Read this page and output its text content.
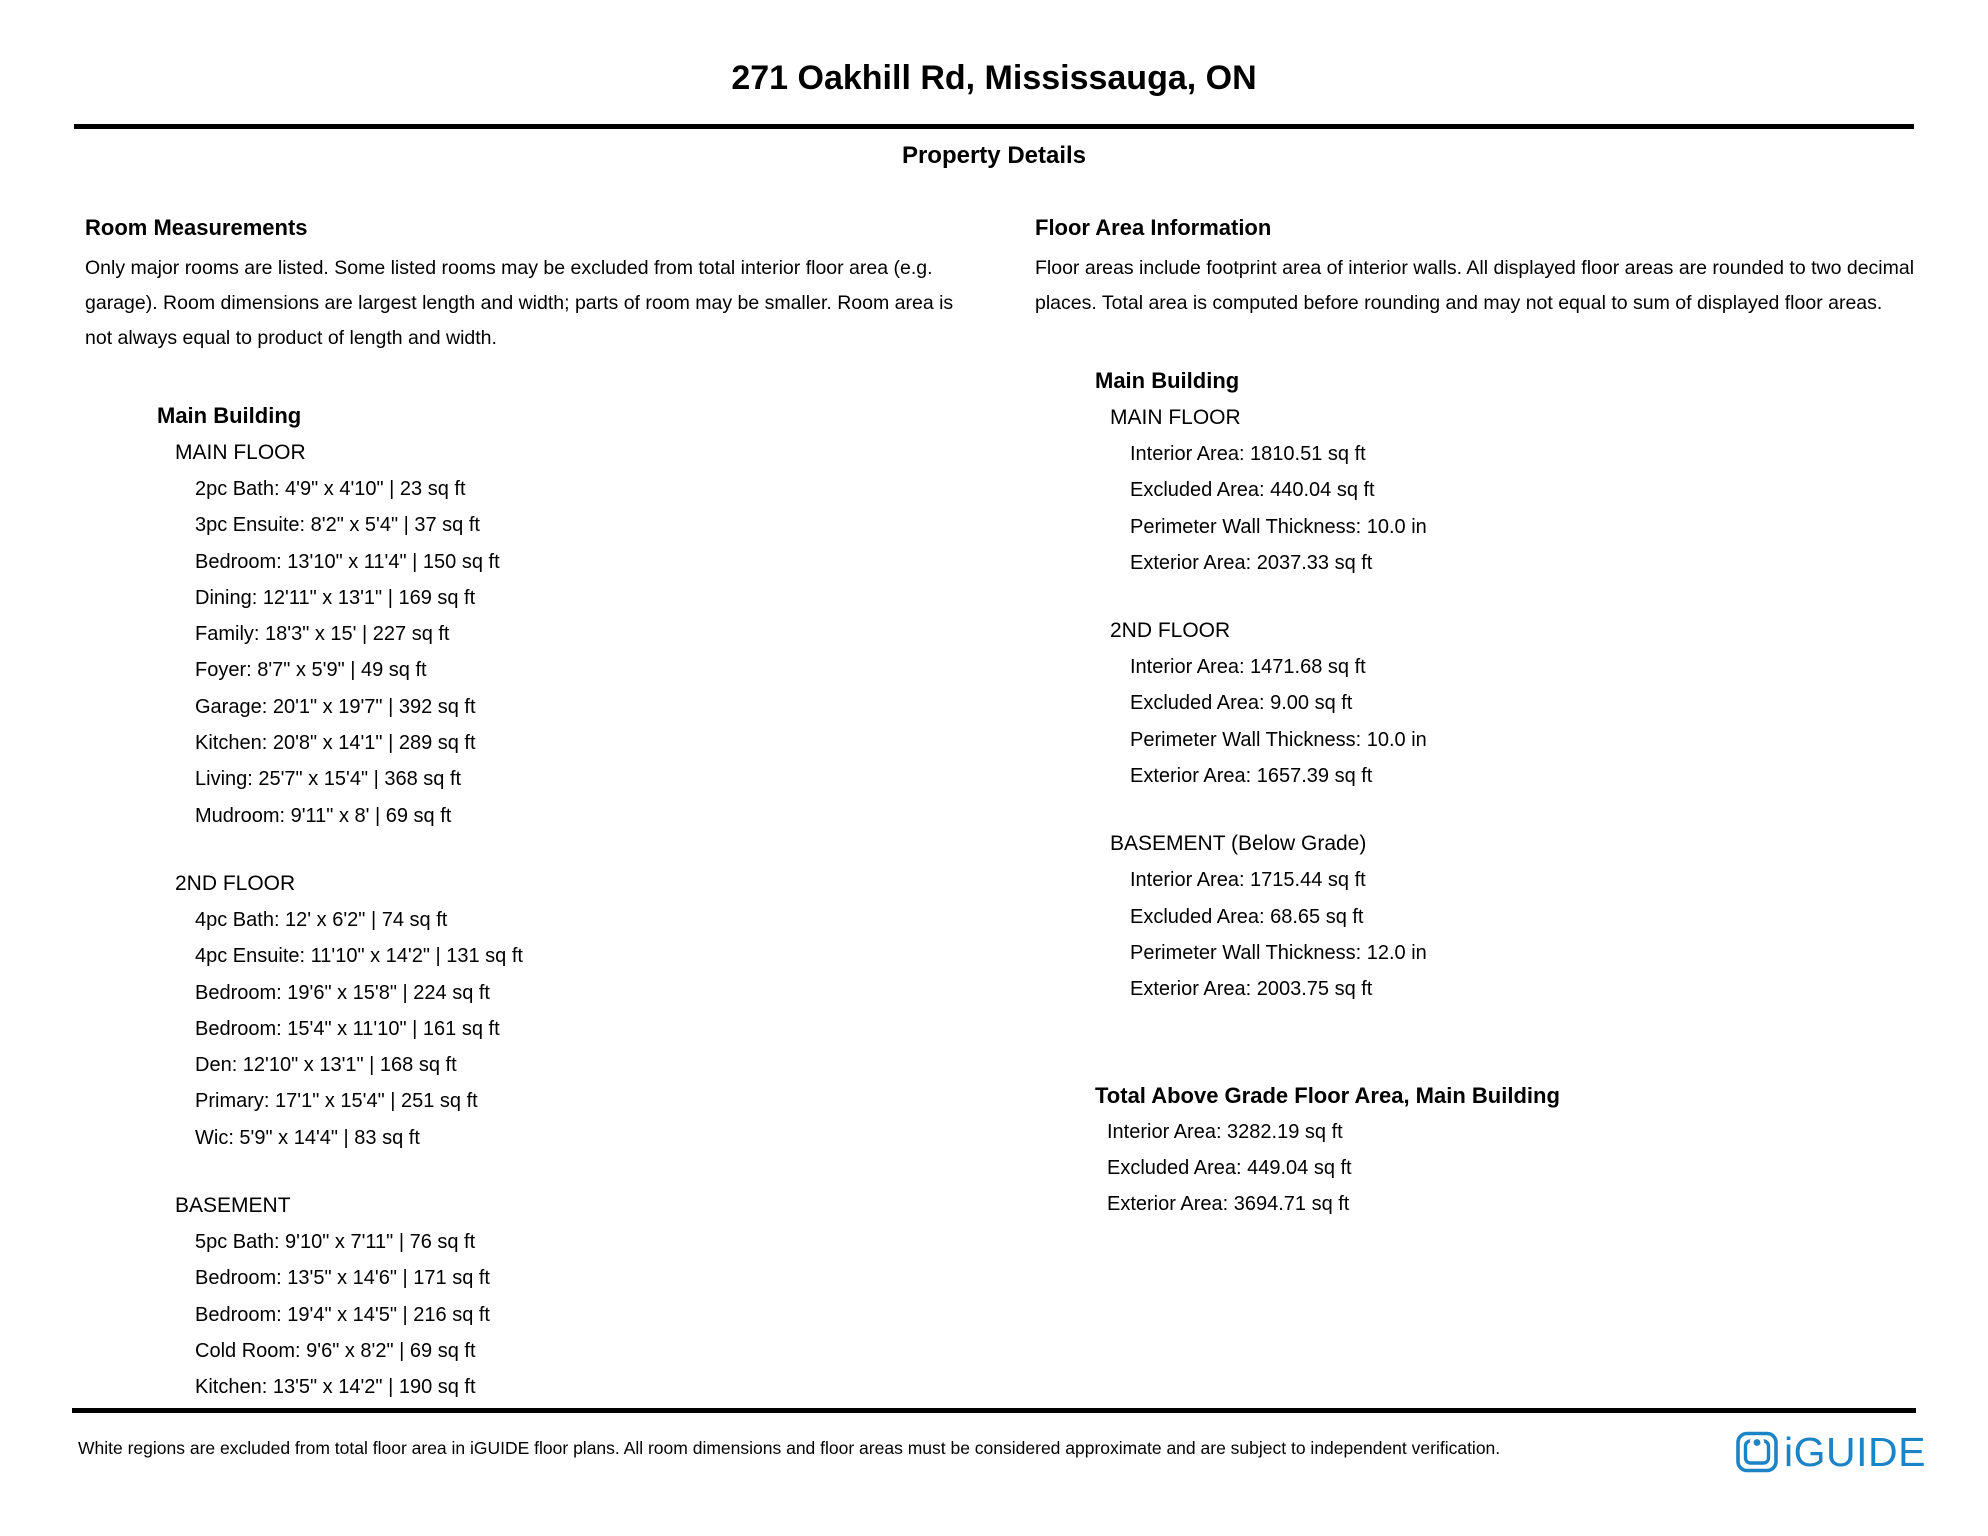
271 Oakhill Rd, Mississauga, ON
Property Details
Room Measurements

Only major rooms are listed. Some listed rooms may be excluded from total interior floor area (e.g. garage). Room dimensions are largest length and width; parts of room may be smaller. Room area is not always equal to product of length and width.

Main Building
MAIN FLOOR
2pc Bath: 4'9" x 4'10" | 23 sq ft
3pc Ensuite: 8'2" x 5'4" | 37 sq ft
Bedroom: 13'10" x 11'4" | 150 sq ft
Dining: 12'11" x 13'1" | 169 sq ft
Family: 18'3" x 15' | 227 sq ft
Foyer: 8'7" x 5'9" | 49 sq ft
Garage: 20'1" x 19'7" | 392 sq ft
Kitchen: 20'8" x 14'1" | 289 sq ft
Living: 25'7" x 15'4" | 368 sq ft
Mudroom: 9'11" x 8' | 69 sq ft
2ND FLOOR
4pc Bath: 12' x 6'2" | 74 sq ft
4pc Ensuite: 11'10" x 14'2" | 131 sq ft
Bedroom: 19'6" x 15'8" | 224 sq ft
Bedroom: 15'4" x 11'10" | 161 sq ft
Den: 12'10" x 13'1" | 168 sq ft
Primary: 17'1" x 15'4" | 251 sq ft
Wic: 5'9" x 14'4" | 83 sq ft
BASEMENT
5pc Bath: 9'10" x 7'11" | 76 sq ft
Bedroom: 13'5" x 14'6" | 171 sq ft
Bedroom: 19'4" x 14'5" | 216 sq ft
Cold Room: 9'6" x 8'2" | 69 sq ft
Kitchen: 13'5" x 14'2" | 190 sq ft
Floor Area Information

Floor areas include footprint area of interior walls. All displayed floor areas are rounded to two decimal places. Total area is computed before rounding and may not equal to sum of displayed floor areas.

Main Building
MAIN FLOOR
Interior Area: 1810.51 sq ft
Excluded Area: 440.04 sq ft
Perimeter Wall Thickness: 10.0 in
Exterior Area: 2037.33 sq ft
2ND FLOOR
Interior Area: 1471.68 sq ft
Excluded Area: 9.00 sq ft
Perimeter Wall Thickness: 10.0 in
Exterior Area: 1657.39 sq ft
BASEMENT (Below Grade)
Interior Area: 1715.44 sq ft
Excluded Area: 68.65 sq ft
Perimeter Wall Thickness: 12.0 in
Exterior Area: 2003.75 sq ft
Total Above Grade Floor Area, Main Building
Interior Area: 3282.19 sq ft
Excluded Area: 449.04 sq ft
Exterior Area: 3694.71 sq ft

White regions are excluded from total floor area in iGUIDE floor plans. All room dimensions and floor areas must be considered approximate and are subject to independent verification.	iGUIDE
